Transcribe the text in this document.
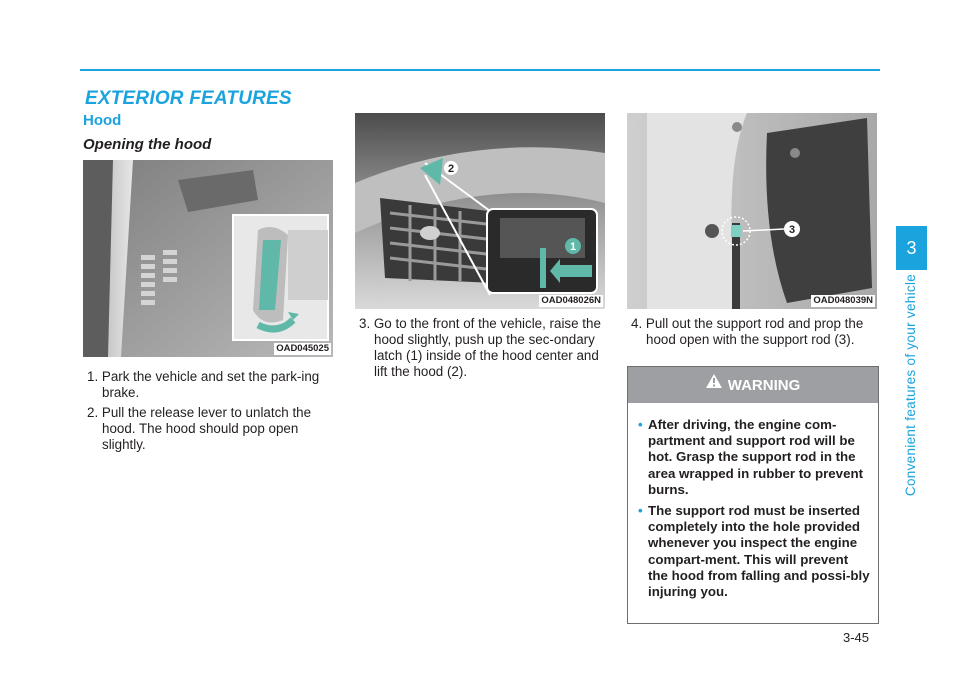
EXTERIOR FEATURES
Hood
Opening the hood
OAD045025
2
1
OAD048026N
3
OAD048039N
1. Park the vehicle and set the park-ing brake.
2. Pull the release lever to unlatch the hood. The hood should pop open slightly.
3. Go to the front of the vehicle, raise the hood slightly, push up the sec-ondary latch (1) inside of the hood center and lift the hood (2).
4. Pull out the support rod and prop the hood open with the support rod (3).
WARNING
• After driving, the engine com-partment and support rod will be hot. Grasp the support rod in the area wrapped in rubber to prevent burns.
• The support rod must be inserted completely into the hole provided whenever you inspect the engine compart-ment. This will prevent the hood from falling and possi-bly injuring you.
3
Convenient features of your vehicle
3-45
